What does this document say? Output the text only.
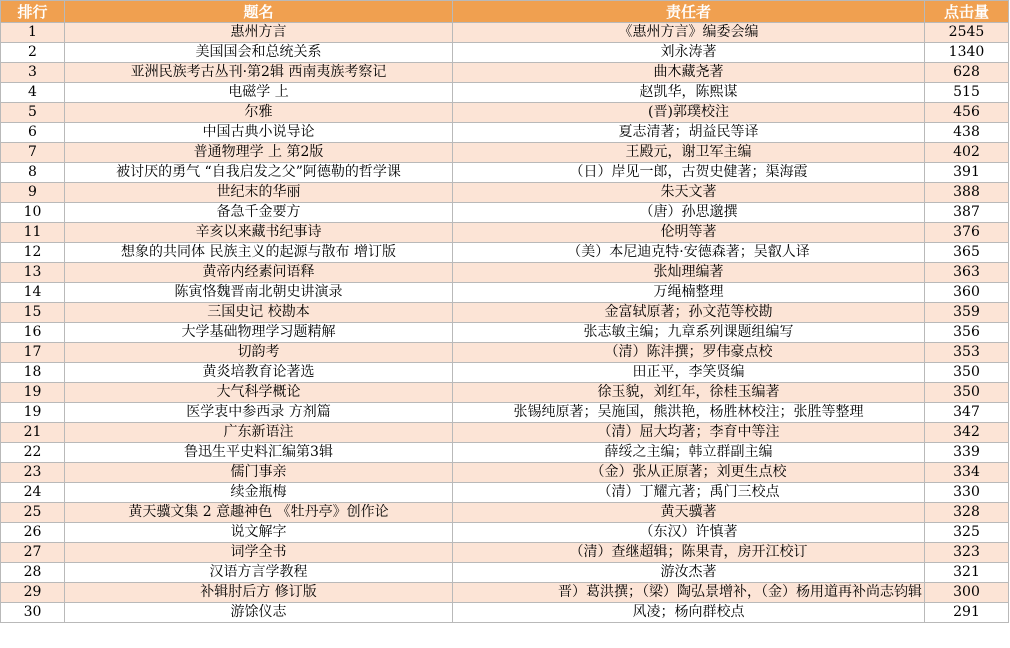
排行	题名	责任者	点击量
1	惠州方言	《惠州方言》编委会编	2545
2	美国国会和总统关系	刘永涛著	1340
3	亚洲民族考古丛刊·第2辑 西南夷族考察记	曲木藏尧著	628
4	电磁学 上	赵凯华，陈熙谋	515
5	尔雅	(晋)郭璞校注	456
6	中国古典小说导论	夏志清著；胡益民等译	438
7	普通物理学 上 第2版	王殿元，谢卫军主编	402
8	被讨厌的勇气 “自我启发之父”阿德勒的哲学课	（日）岸见一郎，古贺史健著；渠海霞	391
9	世纪末的华丽	朱天文著	388
10	备急千金要方	（唐）孙思邈撰	387
11	辛亥以来藏书纪事诗	伦明等著	376
12	想象的共同体 民族主义的起源与散布 增订版	（美）本尼迪克特·安德森著；吴叡人译	365
13	黄帝内经素问语释	张灿理编著	363
14	陈寅恪魏晋南北朝史讲演录	万绳楠整理	360
15	三国史记 校勘本	金富轼原著；孙文范等校勘	359
16	大学基础物理学习题精解	张志敏主编；九章系列课题组编写	356
17	切韵考	（清）陈沣撰；罗伟豪点校	353
18	黄炎培教育论著选	田正平，李笑贤编	350
19	大气科学概论	徐玉貌，刘红年，徐桂玉编著	350
19	医学衷中参西录 方剂篇	张锡纯原著；吴施国，熊洪艳，杨胜林校注；张胜等整理	347
21	广东新语注	（清）屈大均著；李育中等注	342
22	鲁迅生平史料汇编第3辑	薛绥之主编；韩立群副主编	339
23	儒门事亲	（金）张从正原著；刘更生点校	334
24	续金瓶梅	（清）丁耀亢著；禹门三校点	330
25	黄天骥文集 2 意趣神色 《牡丹亭》创作论	黄天骥著	328
26	说文解字	（东汉）许慎著	325
27	词学全书	（清）查继超辑；陈果青，房开江校订	323
28	汉语方言学教程	游汝杰著	321
29	补辑肘后方 修订版	晋）葛洪撰；（梁）陶弘景增补，（金）杨用道再补尚志钧辑	300
30	游馀仪志	风凌；杨向群校点	291
